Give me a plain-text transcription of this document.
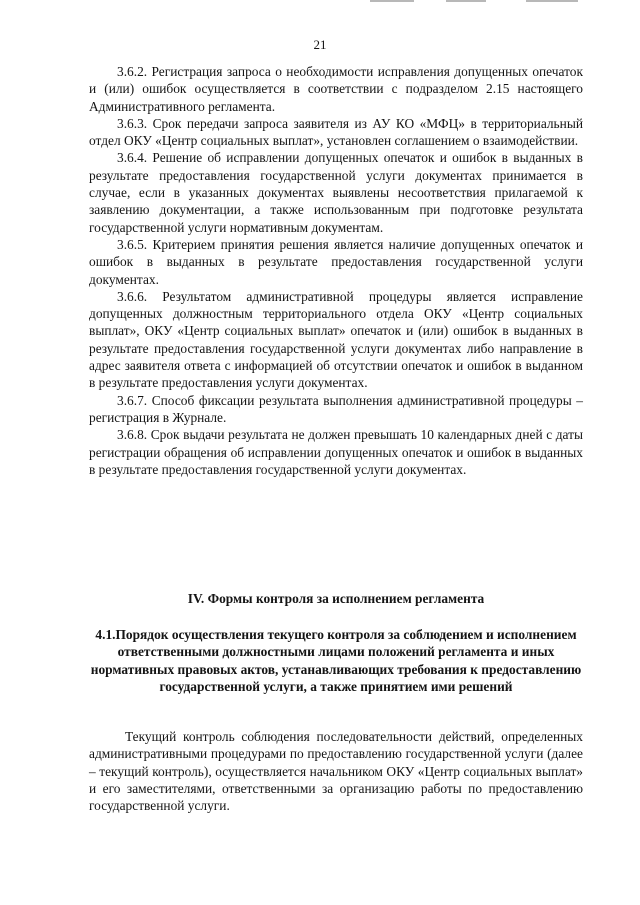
21

3.6.2. Регистрация запроса о необходимости исправления допущенных опечаток и (или) ошибок осуществляется в соответствии с подразделом 2.15 настоящего Административного регламента.

3.6.3. Срок передачи запроса заявителя из АУ КО «МФЦ» в территориальный отдел ОКУ «Центр социальных выплат», установлен соглашением о взаимодействии.

3.6.4. Решение об исправлении допущенных опечаток и ошибок в выданных в результате предоставления государственной услуги документах принимается в случае, если в указанных документах выявлены несоответствия прилагаемой к заявлению документации, а также использованным при подготовке результата государственной услуги нормативным документам.

3.6.5. Критерием принятия решения является наличие допущенных опечаток и ошибок в выданных в результате предоставления государственной услуги документах.

3.6.6. Результатом административной процедуры является исправление допущенных должностным территориального отдела ОКУ «Центр социальных выплат», ОКУ «Центр социальных выплат» опечаток и (или) ошибок в выданных в результате предоставления государственной услуги документах либо направление в адрес заявителя ответа с информацией об отсутствии опечаток и ошибок в выданном в результате предоставления услуги документах.

3.6.7. Способ фиксации результата выполнения административной процедуры – регистрация в Журнале.

3.6.8. Срок выдачи результата не должен превышать 10 календарных дней с даты регистрации обращения об исправлении допущенных опечаток и ошибок в выданных в результате предоставления государственной услуги документах.

IV. Формы контроля за исполнением регламента
4.1.Порядок осуществления текущего контроля за соблюдением и исполнением ответственными должностными лицами положений регламента и иных нормативных правовых актов, устанавливающих требования к предоставлению государственной услуги, а также принятием ими решений

Текущий контроль соблюдения последовательности действий, определенных административными процедурами по предоставлению государственной услуги (далее – текущий контроль), осуществляется начальником ОКУ «Центр социальных выплат» и его заместителями, ответственными за организацию работы по предоставлению государственной услуги.
